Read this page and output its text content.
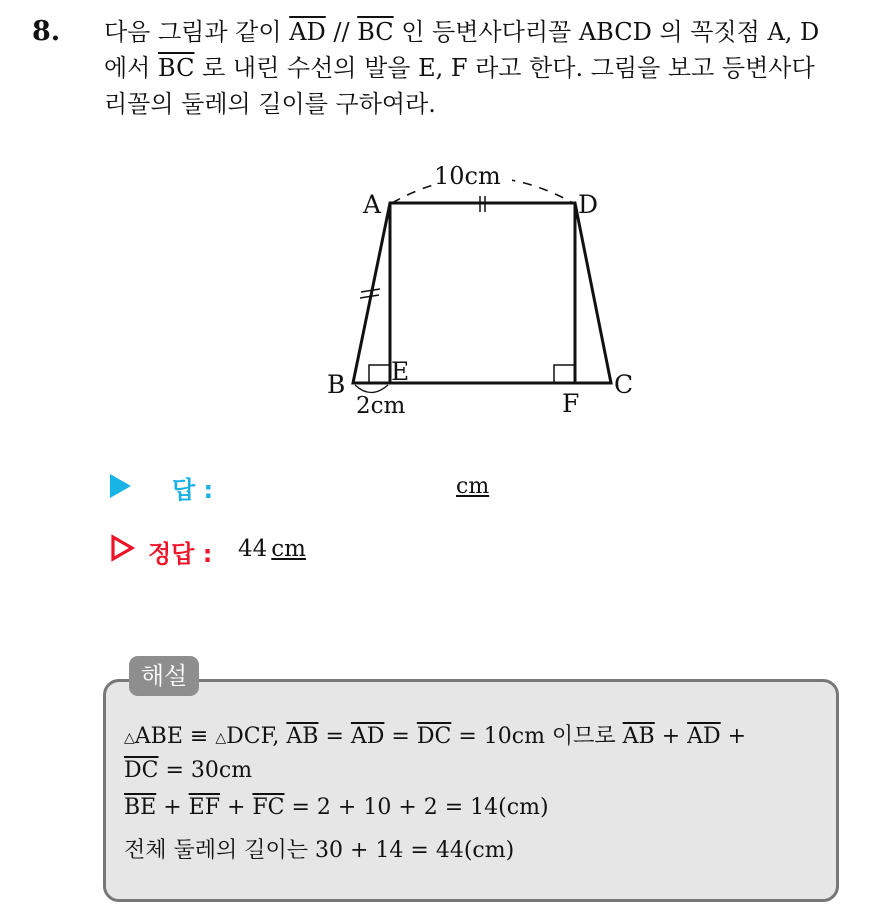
8. 다음 그림과 같이 $\overline{AD} // \overline{BC}$ 인 등변사다리꼴 ABCD 의 꼭짓점 A, D
에서 $\overline{BC}$ 로 내린 수선의 발을 E, F 라고 한다. 그림을 보고 등변사다
리꼴의 둘레의 길이를 구하여라.
10cm
A	D
B	C
E
F
2cm
답 :	cm
정답 : 44 cm
해설
△ABE ≡ △DCF, $\overline{AB} = \overline{AD} = \overline{DC} = 10cm$ 이므로 $\overline{AB} + \overline{AD}$ +
$\overline{DC} = 30cm$
$\overline{BE} + \overline{EF} + \overline{FC} = 2 + 10 + 2 = 14(cm)$
전체 둘레의 길이는 30 + 14 = 44(cm)
